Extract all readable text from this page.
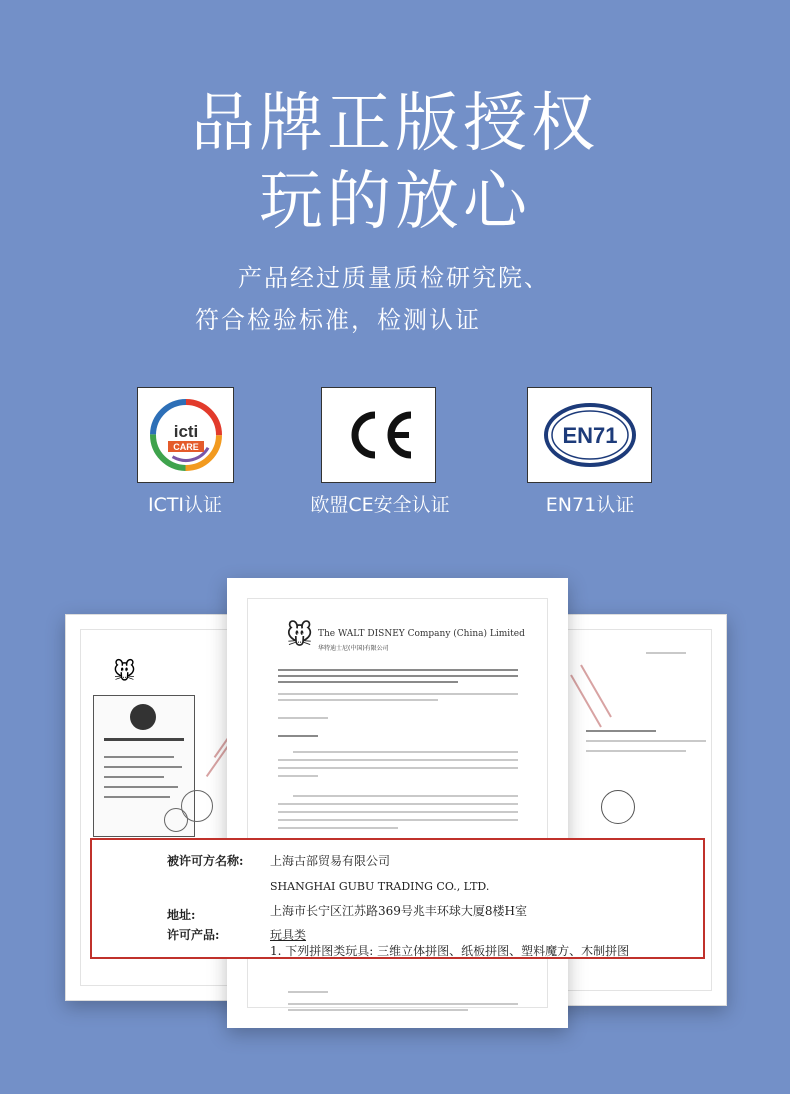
品牌正版授权
玩的放心
产品经过质量质检研究院、
符合检验标准，检测认证
icti
CARE	EN71
ICTI认证	欧盟CE安全认证	EN71认证
🐭
🐭 The WALT DISNEY Company (China) Limited
华特迪士尼(中国)有限公司
被许可方名称: 上海古部贸易有限公司
SHANGHAI GUBU TRADING CO., LTD.
地址:	上海市长宁区江苏路369号兆丰环球大厦8楼H室
许可产品:	玩具类
1. 下列拼图类玩具: 三维立体拼图、纸板拼图、塑料魔方、木制拼图
